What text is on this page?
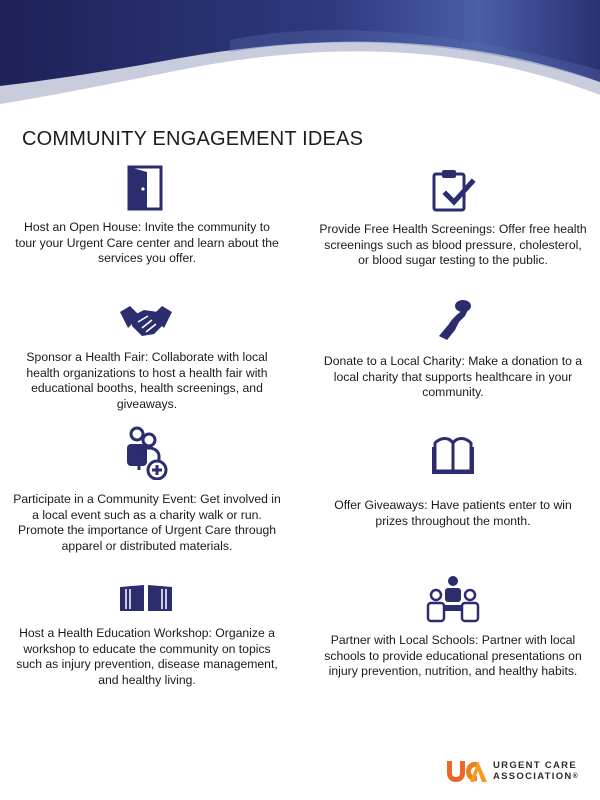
COMMUNITY ENGAGEMENT IDEAS
Host an Open House: Invite the community to tour your Urgent Care center and learn about the services you offer.
Provide Free Health Screenings: Offer free health screenings such as blood pressure, cholesterol, or blood sugar testing to the public.
Sponsor a Health Fair: Collaborate with local health organizations to host a health fair with educational booths, health screenings, and giveaways.
Donate to a Local Charity: Make a donation to a local charity that supports healthcare in your community.
Participate in a Community Event: Get involved in a local event such as a charity walk or run. Promote the importance of Urgent Care through apparel or distributed materials.
Offer Giveaways: Have patients enter to win prizes throughout the month.
Host a Health Education Workshop: Organize a workshop to educate the community on topics such as injury prevention, disease management, and healthy living.
Partner with Local Schools: Partner with local schools to provide educational presentations on injury prevention, nutrition, and healthy habits.
URGENT CARE
ASSOCIATION®
